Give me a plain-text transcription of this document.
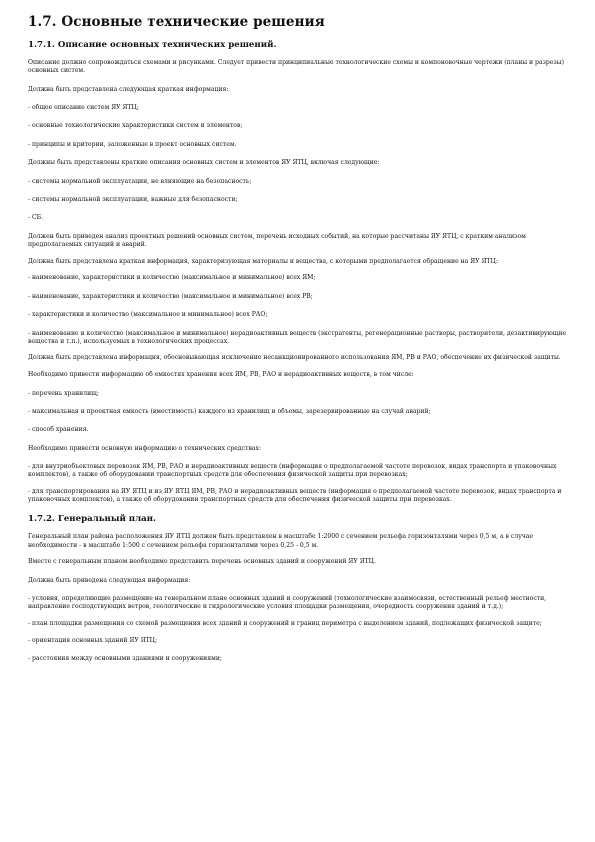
1.7. Основные технические решения
1.7.1. Описание основных технических решений.

Описание должно сопровождаться схемами и рисунками. Следует привести принципиальные технологические схемы и компоновочные чертежи (планы и разрезы) основных систем.

Должна быть представлена следующая краткая информация:

- общее описание систем ЯУ ЯТЦ;

- основные технологические характеристики систем и элементов;

- принципы и критерии, заложенные в проект основных систем.

Должны быть представлены краткие описания основных систем и элементов ЯУ ЯТЦ, включая следующие:

- системы нормальной эксплуатации, не влияющие на безопасность;

- системы нормальной эксплуатации, важные для безопасности;

- СБ.

Должен быть приведен анализ проектных решений основных систем, перечень исходных событий, на которые рассчитаны ЯУ ЯТЦ, с кратким анализом предполагаемых ситуаций и аварий.

Должна быть представлена краткая информация, характеризующая материалы и вещества, с которыми предполагается обращение на ЯУ ЯТЦ:

- наименование, характеристики и количество (максимальное и минимальное) всех ЯМ;

- наименование, характеристики и количество (максимальное и минимальное) всех РВ;

- характеристики и количество (максимальное и минимальное) всех РАО;

- наименование и количество (максимальное и минимальное) нерадиоактивных веществ (экстрагенты, регенерационные растворы, растворители, дезактивирующие вещества и т.п.), используемых в технологических процессах.

Должна быть представлена информация, обосновывающая исключение несанкционированного использования ЯМ, РВ и РАО, обеспечение их физической защиты.

Необходимо привести информацию об емкостях хранения всех ЯМ, РВ, РАО и нерадиоактивных веществ, в том числе:

- перечень хранилищ;

- максимальная и проектная емкость (вместимость) каждого из хранилищ и объемы, зарезервированные на случай аварий;

- способ хранения.

Необходимо привести основную информацию о технических средствах:

- для внутриобъектовых перевозок ЯМ, РВ, РАО и нерадиоактивных веществ (информация о предполагаемой частоте перевозок, видах транспорта и упаковочных комплектов), а также об оборудовании транспортных средств для обеспечения физической защиты при перевозках;

- для транспортирования на ЯУ ЯТЦ и из ЯУ ЯТЦ ЯМ, РВ, РАО и нерадиоактивных веществ (информация о предполагаемой частоте перевозок, видах транспорта и упаковочных комплектов), а также об оборудовании транспортных средств для обеспечения физической защиты при перевозках.

1.7.2. Генеральный план.

Генеральный план района расположения ЯУ ЯТЦ должен быть представлен в масштабе 1:2000 с сечением рельефа горизонталями через 0,5 м, а в случае необходимости - в масштабе 1:500 с сечением рельефа горизонталями через 0,25 - 0,5 м.

Вместе с генеральным планом необходимо представить перечень основных зданий и сооружений ЯУ ЯТЦ.

Должна быть приведена следующая информация:

- условия, определяющие размещение на генеральном плане основных зданий и сооружений (технологические взаимосвязи, естественный рельеф местности, направление господствующих ветров, геологические и гидрологические условия площадки размещения, очередность сооружения зданий и т.д.);

- план площадки размещения со схемой размещения всех зданий и сооружений и границ периметра с выделением зданий, подлежащих физической защите;

- ориентация основных зданий ЯУ ЯТЦ;

- расстояния между основными зданиями и сооружениями;
